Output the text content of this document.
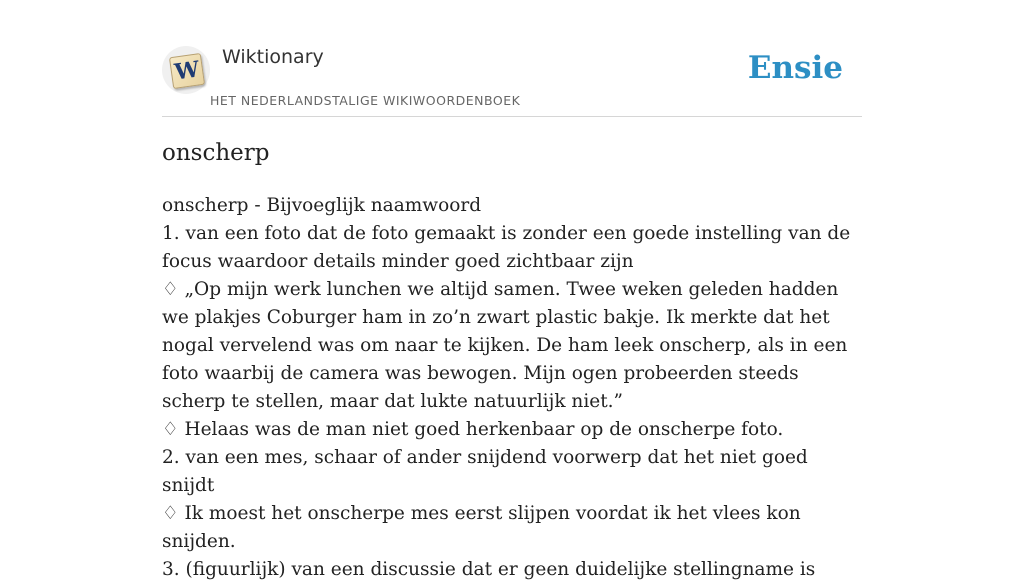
W Wiktionary
HET NEDERLANDSTALIGE WIKIWOORDENBOEK
Ensie
onscherp

onscherp - Bijvoeglijk naamwoord

1. van een foto dat de foto gemaakt is zonder een goede instelling van de focus waardoor details minder goed zichtbaar zijn

♢ „Op mijn werk lunchen we altijd samen. Twee weken geleden hadden we plakjes Coburger ham in zo’n zwart plastic bakje. Ik merkte dat het nogal vervelend was om naar te kijken. De ham leek onscherp, als in een foto waarbij de camera was bewogen. Mijn ogen probeerden steeds scherp te stellen, maar dat lukte natuurlijk niet.”

♢ Helaas was de man niet goed herkenbaar op de onscherpe foto.

2. van een mes, schaar of ander snijdend voorwerp dat het niet goed snijdt

♢ Ik moest het onscherpe mes eerst slijpen voordat ik het vlees kon snijden.

3. (figuurlijk) van een discussie dat er geen duidelijke stellingname is
